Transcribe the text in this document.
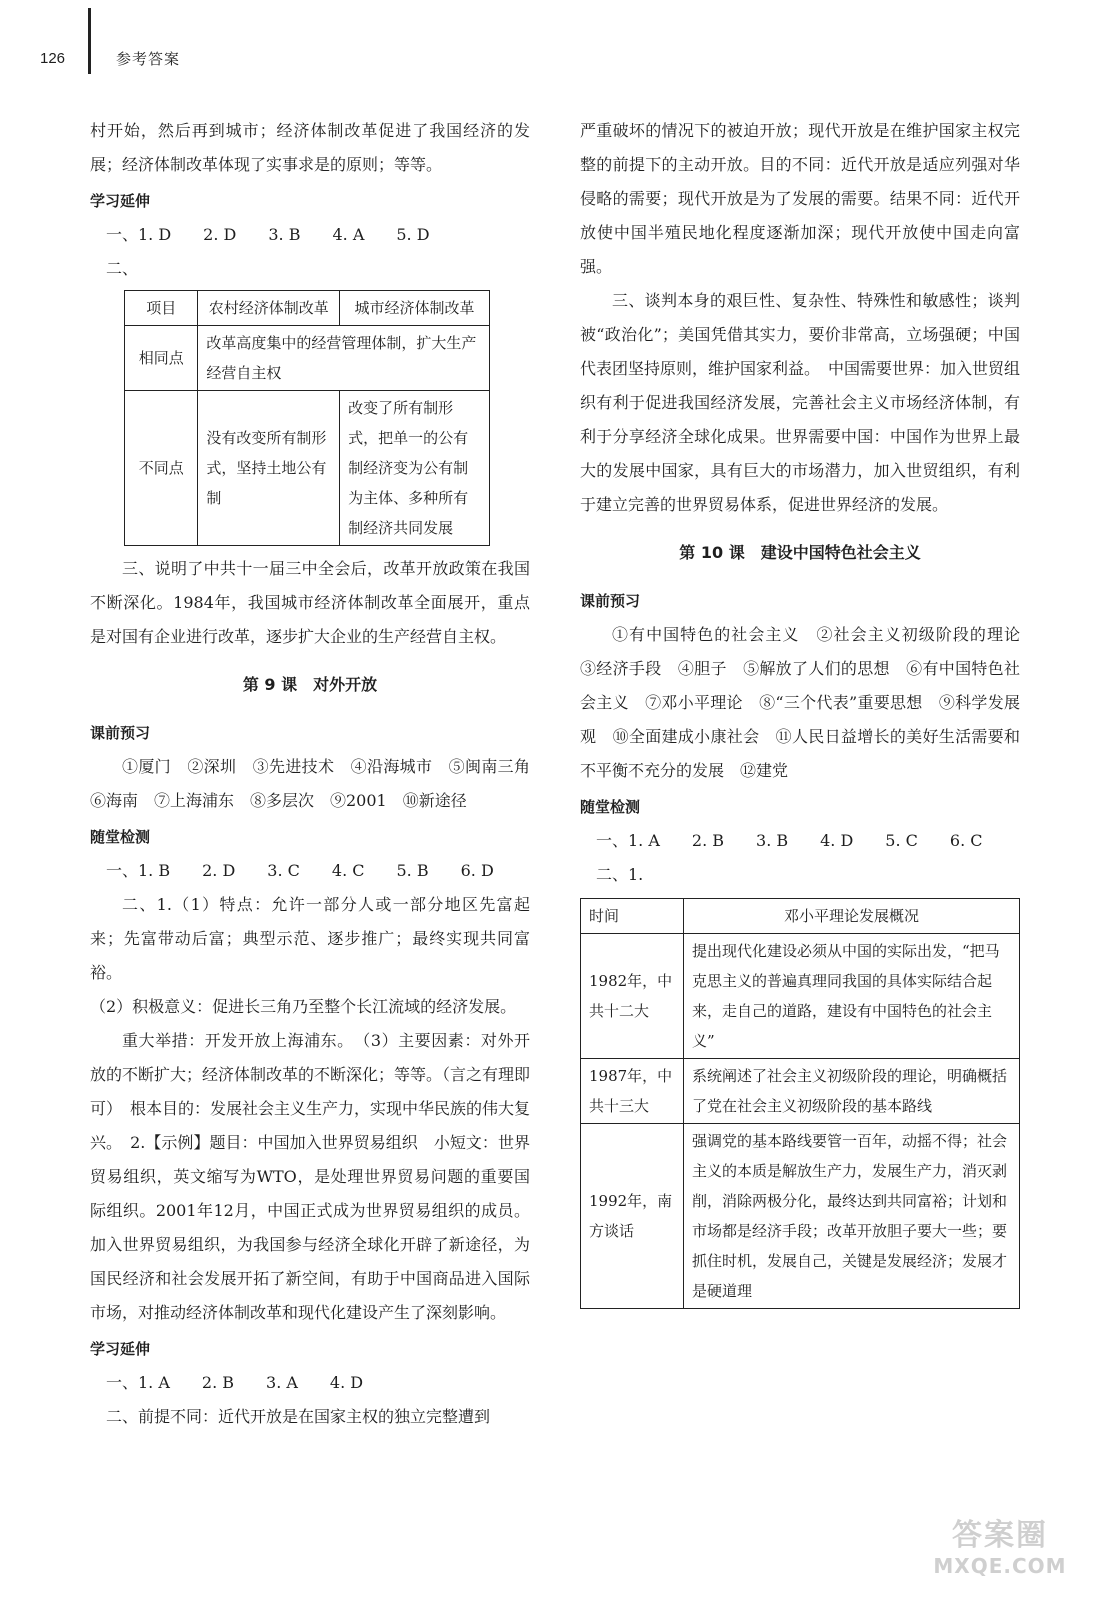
126	参考答案

村开始，然后再到城市；经济体制改革促进了我国经济的发展；经济体制改革体现了实事求是的原则；等等。

学习延伸

一、1. D　　2. D　　3. B　　4. A　　5. D

二、

项目	农村经济体制改革	城市经济体制改革
相同点	改革高度集中的经营管理体制，扩大生产经营自主权	
不同点	没有改变所有制形式，坚持土地公有制	改变了所有制形式，把单一的公有制经济变为公有制为主体、多种所有制经济共同发展

三、说明了中共十一届三中全会后，改革开放政策在我国不断深化。1984年，我国城市经济体制改革全面展开，重点是对国有企业进行改革，逐步扩大企业的生产经营自主权。

第 9 课　对外开放

课前预习

①厦门　②深圳　③先进技术　④沿海城市　⑤闽南三角　⑥海南　⑦上海浦东　⑧多层次　⑨2001　⑩新途径

随堂检测

一、1. B　　2. D　　3. C　　4. C　　5. B　　6. D

二、1.（1）特点：允许一部分人或一部分地区先富起来；先富带动后富；典型示范、逐步推广；最终实现共同富裕。

（2）积极意义：促进长三角乃至整个长江流域的经济发展。

重大举措：开发开放上海浦东。　（3）主要因素：对外开放的不断扩大；经济体制改革的不断深化；等等。（言之有理即可）　根本目的：发展社会主义生产力，实现中华民族的伟大复兴。　2.【示例】题目：中国加入世界贸易组织　小短文：世界贸易组织，英文缩写为WTO，是处理世界贸易问题的重要国际组织。2001年12月，中国正式成为世界贸易组织的成员。加入世界贸易组织，为我国参与经济全球化开辟了新途径，为国民经济和社会发展开拓了新空间，有助于中国商品进入国际市场，对推动经济体制改革和现代化建设产生了深刻影响。

学习延伸

一、1. A　　2. B　　3. A　　4. D

二、前提不同：近代开放是在国家主权的独立完整遭到

严重破坏的情况下的被迫开放；现代开放是在维护国家主权完整的前提下的主动开放。目的不同：近代开放是适应列强对华侵略的需要；现代开放是为了发展的需要。结果不同：近代开放使中国半殖民地化程度逐渐加深；现代开放使中国走向富强。

三、谈判本身的艰巨性、复杂性、特殊性和敏感性；谈判被“政治化”；美国凭借其实力，要价非常高，立场强硬；中国代表团坚持原则，维护国家利益。　中国需要世界：加入世贸组织有利于促进我国经济发展，完善社会主义市场经济体制，有利于分享经济全球化成果。世界需要中国：中国作为世界上最大的发展中国家，具有巨大的市场潜力，加入世贸组织，有利于建立完善的世界贸易体系，促进世界经济的发展。

第 10 课　建设中国特色社会主义

课前预习

①有中国特色的社会主义　②社会主义初级阶段的理论　③经济手段　④胆子　⑤解放了人们的思想　⑥有中国特色社会主义　⑦邓小平理论　⑧“三个代表”重要思想　⑨科学发展观　⑩全面建成小康社会　⑪人民日益增长的美好生活需要和不平衡不充分的发展　⑫建党

随堂检测

一、1. A　　2. B　　3. B　　4. D　　5. C　　6. C

二、1.

时间	邓小平理论发展概况
1982年，中共十二大	提出现代化建设必须从中国的实际出发，“把马克思主义的普遍真理同我国的具体实际结合起来，走自己的道路，建设有中国特色的社会主义”
1987年，中共十三大	系统阐述了社会主义初级阶段的理论，明确概括了党在社会主义初级阶段的基本路线
1992年，南方谈话	强调党的基本路线要管一百年，动摇不得；社会主义的本质是解放生产力，发展生产力，消灭剥削，消除两极分化，最终达到共同富裕；计划和市场都是经济手段；改革开放胆子要大一些；要抓住时机，发展自己，关键是发展经济；发展才是硬道理
答案圈
MXQE.COM
